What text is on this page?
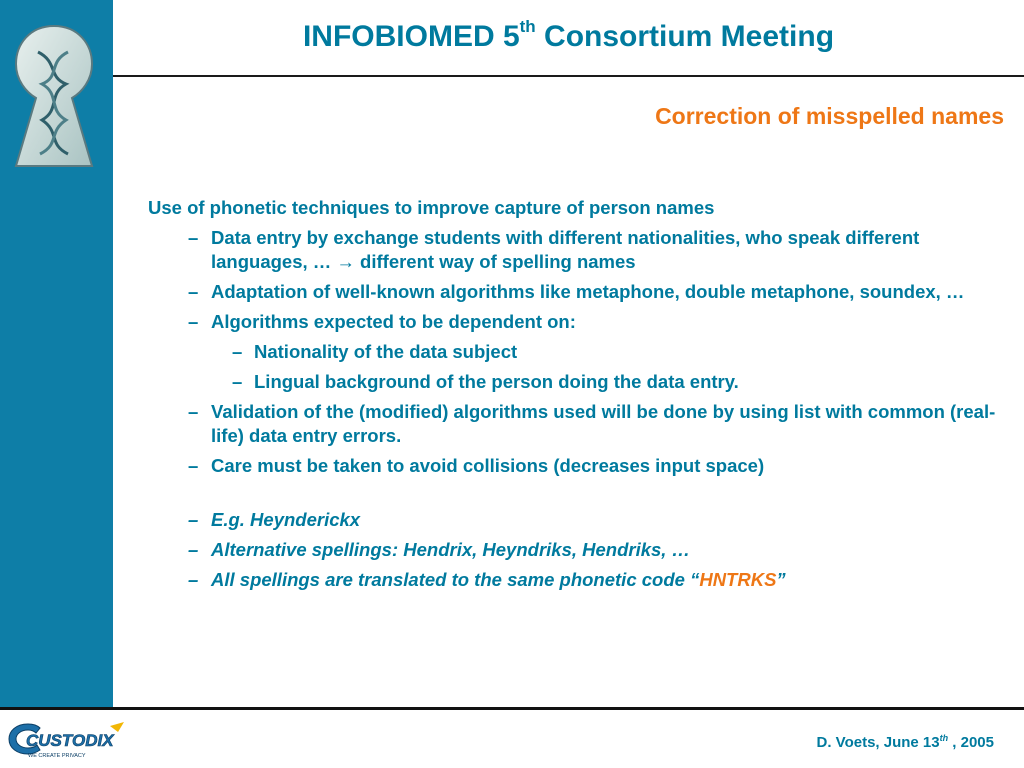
INFOBIOMED 5th Consortium Meeting
Correction of misspelled names
Use of phonetic techniques to improve capture of person names
– Data entry by exchange students with different nationalities, who speak different languages, … → different way of spelling names
– Adaptation of well-known algorithms like metaphone, double metaphone, soundex, …
– Algorithms expected to be dependent on:
– Nationality of the data subject
– Lingual background of the person doing the data entry.
– Validation of the (modified) algorithms used will be done by using list with common (real-life) data entry errors.
– Care must be taken to avoid collisions (decreases input space)
– E.g. Heynderickx
– Alternative spellings: Hendrix, Heyndriks, Hendriks, …
– All spellings are translated to the same phonetic code “HNTRKS”
CUSTODIX
WE CREATE PRIVACY
D. Voets, June 13th , 2005
